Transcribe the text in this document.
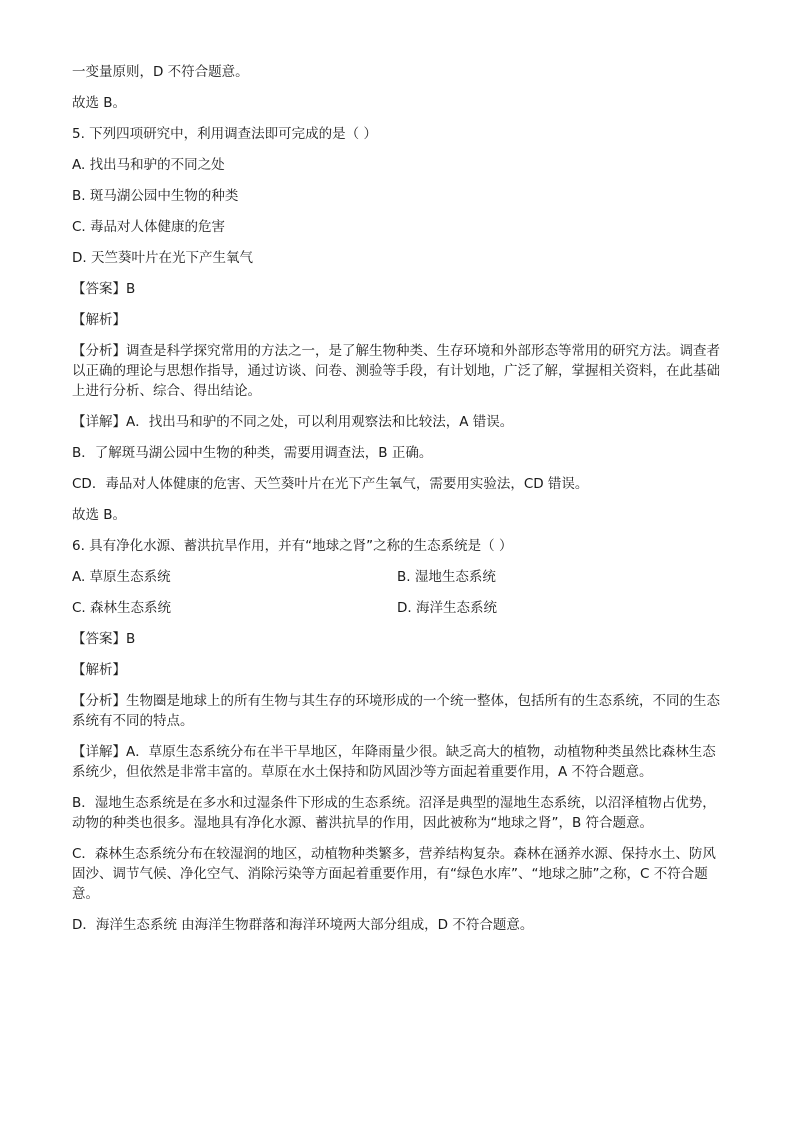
一变量原则，D 不符合题意。
故选 B。
5. 下列四项研究中，利用调查法即可完成的是（ ）
A. 找出马和驴的不同之处
B. 斑马湖公园中生物的种类
C. 毒品对人体健康的危害
D. 天竺葵叶片在光下产生氧气
【答案】B
【解析】
【分析】调查是科学探究常用的方法之一，是了解生物种类、生存环境和外部形态等常用的研究方法。调查者以正确的理论与思想作指导，通过访谈、问卷、测验等手段，有计划地，广泛了解，掌握相关资料，在此基础上进行分析、综合、得出结论。
【详解】A．找出马和驴的不同之处，可以利用观察法和比较法，A 错误。
B．了解斑马湖公园中生物的种类，需要用调查法，B 正确。
CD．毒品对人体健康的危害、天竺葵叶片在光下产生氧气，需要用实验法，CD 错误。
故选 B。
6. 具有净化水源、蓄洪抗旱作用，并有“地球之肾”之称的生态系统是（ ）
A. 草原生态系统	B. 湿地生态系统
C. 森林生态系统	D. 海洋生态系统
【答案】B
【解析】
【分析】生物圈是地球上的所有生物与其生存的环境形成的一个统一整体，包括所有的生态系统，不同的生态系统有不同的特点。
【详解】A．草原生态系统分布在半干旱地区，年降雨量少很。缺乏高大的植物，动植物种类虽然比森林生态系统少，但依然是非常丰富的。草原在水土保持和防风固沙等方面起着重要作用，A 不符合题意。
B．湿地生态系统是在多水和过湿条件下形成的生态系统。沼泽是典型的湿地生态系统，以沼泽植物占优势，动物的种类也很多。湿地具有净化水源、蓄洪抗旱的作用，因此被称为“地球之肾”，B 符合题意。
C．森林生态系统分布在较湿润的地区，动植物种类繁多，营养结构复杂。森林在涵养水源、保持水土、防风固沙、调节气候、净化空气、消除污染等方面起着重要作用，有“绿色水库”、“地球之肺”之称，C 不符合题意。
D．海洋生态系统 由海洋生物群落和海洋环境两大部分组成，D 不符合题意。
